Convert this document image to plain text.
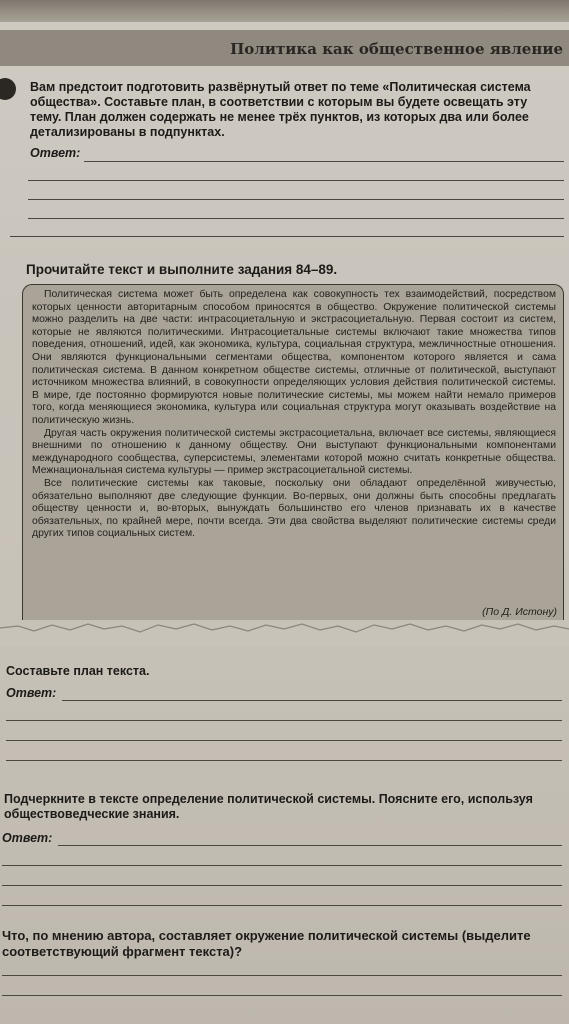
Политика как общественное явление
Вам предстоит подготовить развёрнутый ответ по теме «Политическая система общества». Составьте план, в соответствии с которым вы будете освещать эту тему. План должен содержать не менее трёх пунктов, из которых два или более детализированы в подпунктах.
Ответ:
Прочитайте текст и выполните задания 84–89.

Политическая система может быть определена как совокупность тех взаимодействий, посредством которых ценности авторитарным способом приносятся в общество. Окружение политической системы можно разделить на две части: интрасоциетальную и экстрасоциетальную. Первая состоит из систем, которые не являются политическими. Интрасоциетальные системы включают такие множества типов поведения, отношений, идей, как экономика, культура, социальная структура, межличностные отношения. Они являются функциональными сегментами общества, компонентом которого является и сама политическая система. В данном конкретном обществе системы, отличные от политической, выступают источником множества влияний, в совокупности определяющих условия действия политической системы. В мире, где постоянно формируются новые политические системы, мы можем найти немало примеров того, когда меняющиеся экономика, культура или социальная структура могут оказывать воздействие на политическую жизнь.

Другая часть окружения политической системы экстрасоциетальна, включает все системы, являющиеся внешними по отношению к данному обществу. Они выступают функциональными компонентами международного сообщества, суперсистемы, элементами которой можно считать конкретные общества. Межнациональная система культуры — пример экстрасоциетальной системы.

Все политические системы как таковые, поскольку они обладают определённой живучестью, обязательно выполняют две следующие функции. Во-первых, они должны быть способны предлагать обществу ценности и, во-вторых, вынуждать большинство его членов признавать их в качестве обязательных, по крайней мере, почти всегда. Эти два свойства выделяют политические системы среди других типов социальных систем.

(По Д. Истону)
Составьте план текста.
Ответ:
Подчеркните в тексте определение политической системы. Поясните его, используя обществоведческие знания.
Ответ:
Что, по мнению автора, составляет окружение политической системы (выделите соответствующий фрагмент текста)?
